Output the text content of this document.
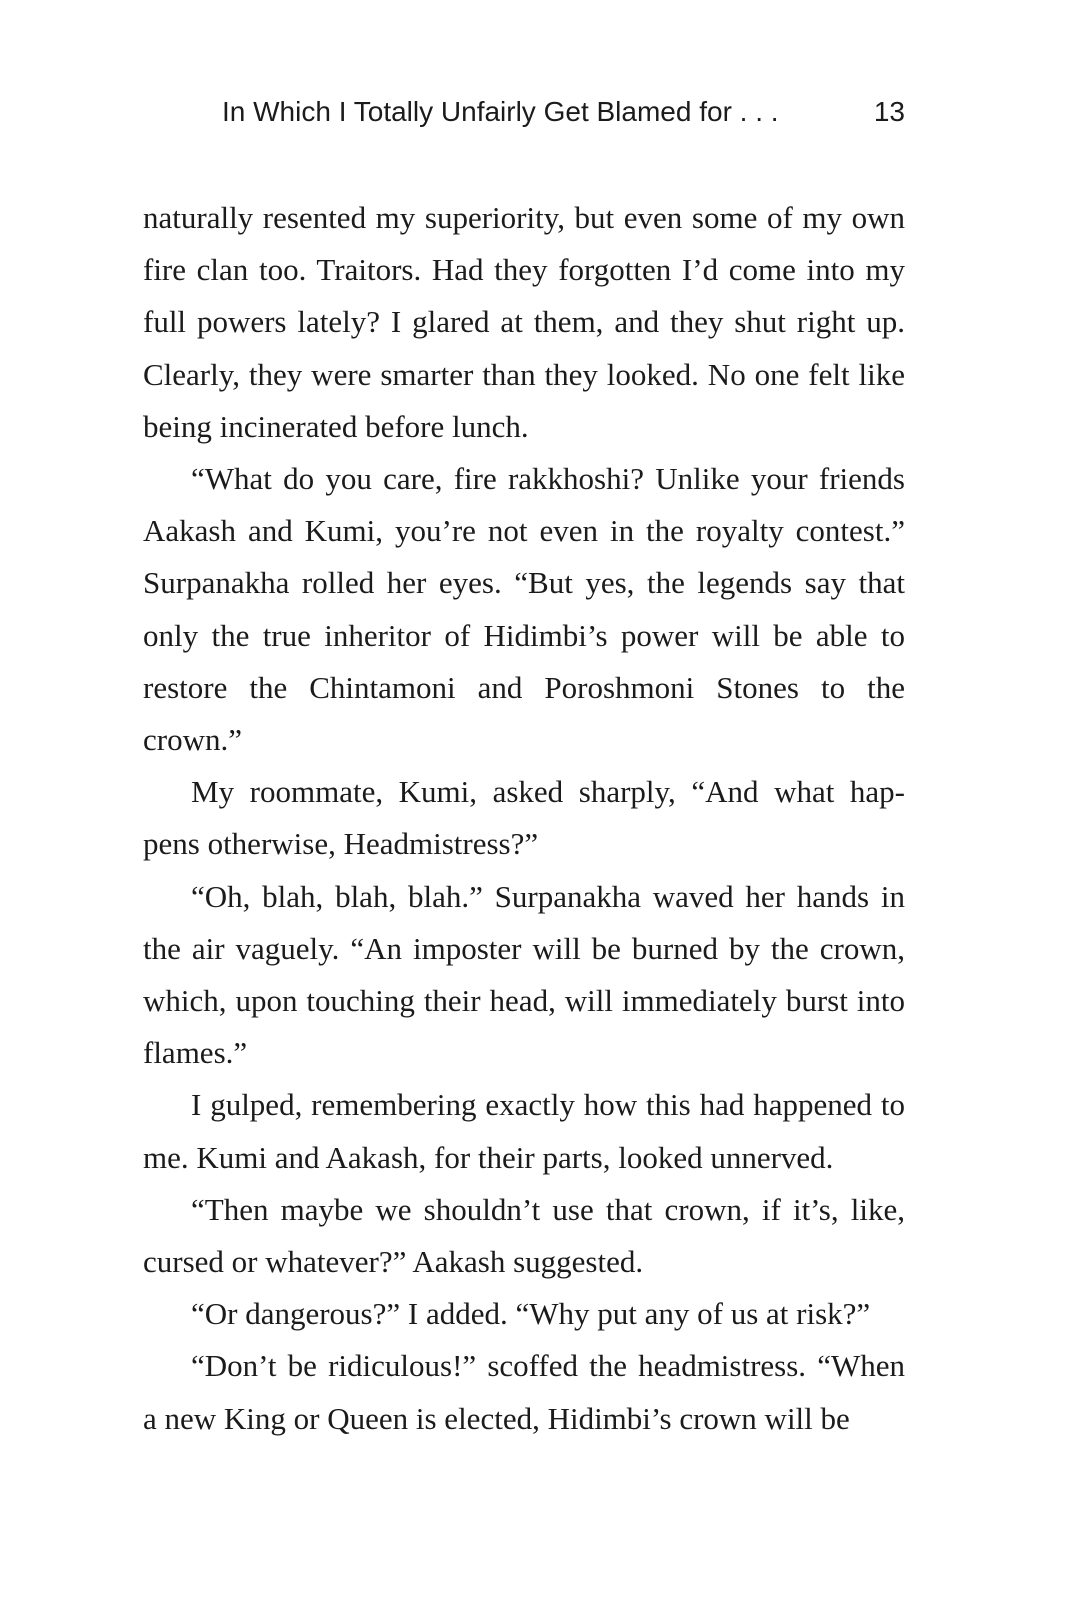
In Which I Totally Unfairly Get Blamed for . . .	13

naturally resented my superiority, but even some of my own fire clan too. Traitors. Had they forgotten I’d come into my full powers lately? I glared at them, and they shut right up. Clearly, they were smarter than they looked. No one felt like being incinerated before lunch.

“What do you care, fire rakkhoshi? Unlike your friends Aakash and Kumi, you’re not even in the royalty contest.” Surpanakha rolled her eyes. “But yes, the legends say that only the true inheritor of Hidimbi’s power will be able to restore the Chintamoni and Poroshmoni Stones to the crown.”

My roommate, Kumi, asked sharply, “And what hap-pens otherwise, Headmistress?”

“Oh, blah, blah, blah.” Surpanakha waved her hands in the air vaguely. “An imposter will be burned by the crown, which, upon touching their head, will immediately burst into flames.”

I gulped, remembering exactly how this had happened to me. Kumi and Aakash, for their parts, looked unnerved.

“Then maybe we shouldn’t use that crown, if it’s, like, cursed or whatever?” Aakash suggested.

“Or dangerous?” I added. “Why put any of us at risk?”

“Don’t be ridiculous!” scoffed the headmistress. “When a new King or Queen is elected, Hidimbi’s crown will be
